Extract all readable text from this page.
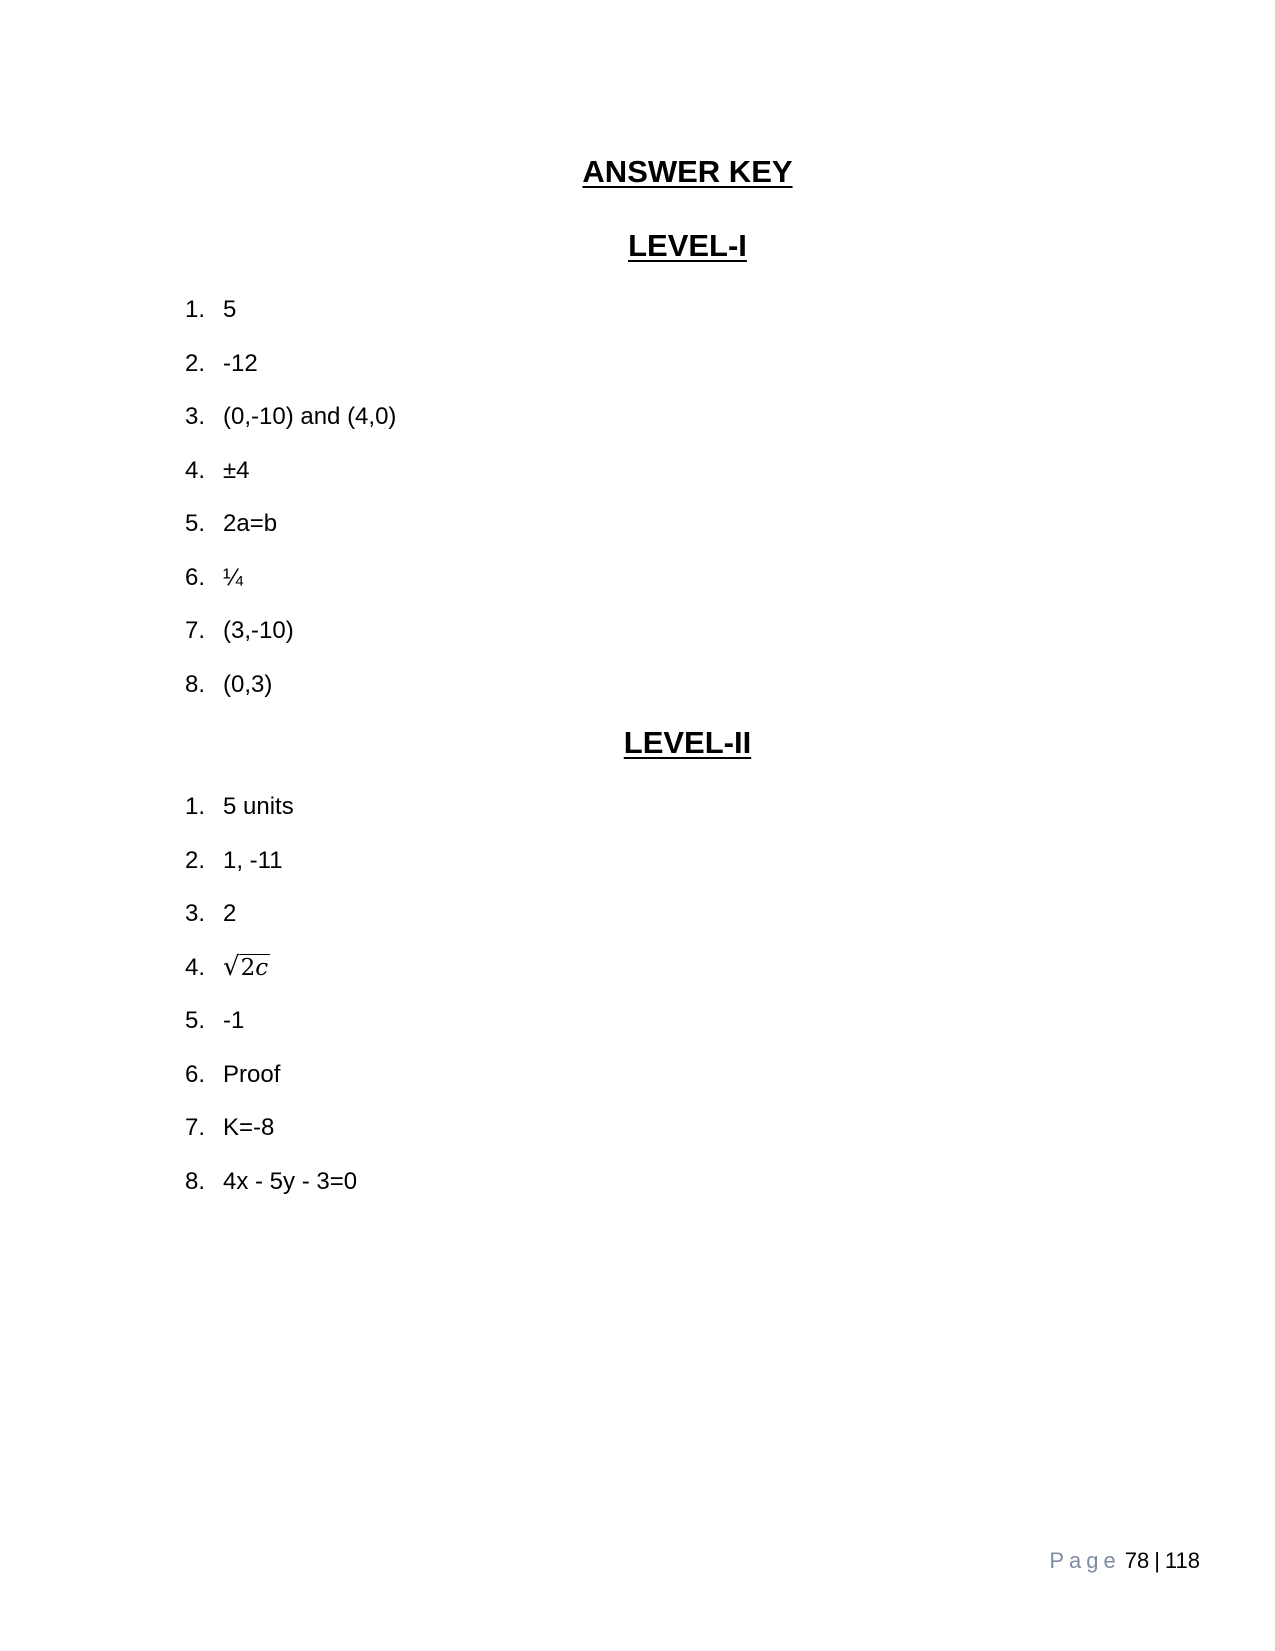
ANSWER KEY
LEVEL-I
1. 5
2. -12
3. (0,-10) and (4,0)
4. ±4
5. 2a=b
6. ¼
7. (3,-10)
8. (0,3)
LEVEL-II
1. 5 units
2. 1, -11
3. 2
4. √2c
5. -1
6. Proof
7. K=-8
8. 4x - 5y - 3=0
Page 78 | 118
